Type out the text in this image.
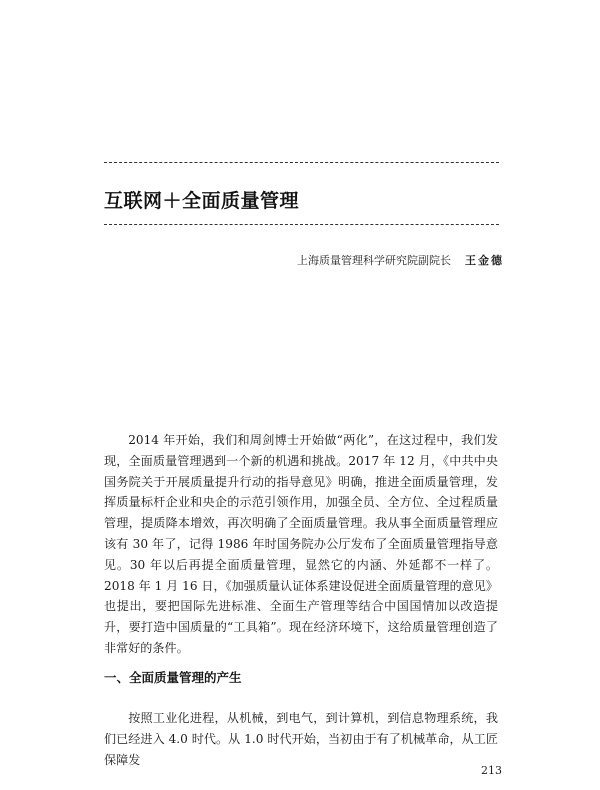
互联网＋全面质量管理
上海质量管理科学研究院副院长 王金德

2014 年开始，我们和周剑博士开始做“两化”，在这过程中，我们发现，全面质量管理遇到一个新的机遇和挑战。2017 年 12 月，《中共中央 国务院关于开展质量提升行动的指导意见》明确，推进全面质量管理，发挥质量标杆企业和央企的示范引领作用，加强全员、全方位、全过程质量管理，提质降本增效，再次明确了全面质量管理。我从事全面质量管理应该有 30 年了，记得 1986 年时国务院办公厅发布了全面质量管理指导意见。30 年以后再提全面质量管理，显然它的内涵、外延都不一样了。2018 年 1 月 16 日，《加强质量认证体系建设促进全面质量管理的意见》也提出，要把国际先进标准、全面生产管理等结合中国国情加以改造提升，要打造中国质量的“工具箱”。现在经济环境下，这给质量管理创造了非常好的条件。

一、全面质量管理的产生

按照工业化进程，从机械，到电气，到计算机，到信息物理系统，我们已经进入 4.0 时代。从 1.0 时代开始，当初由于有了机械革命，从工匠保障发

213
